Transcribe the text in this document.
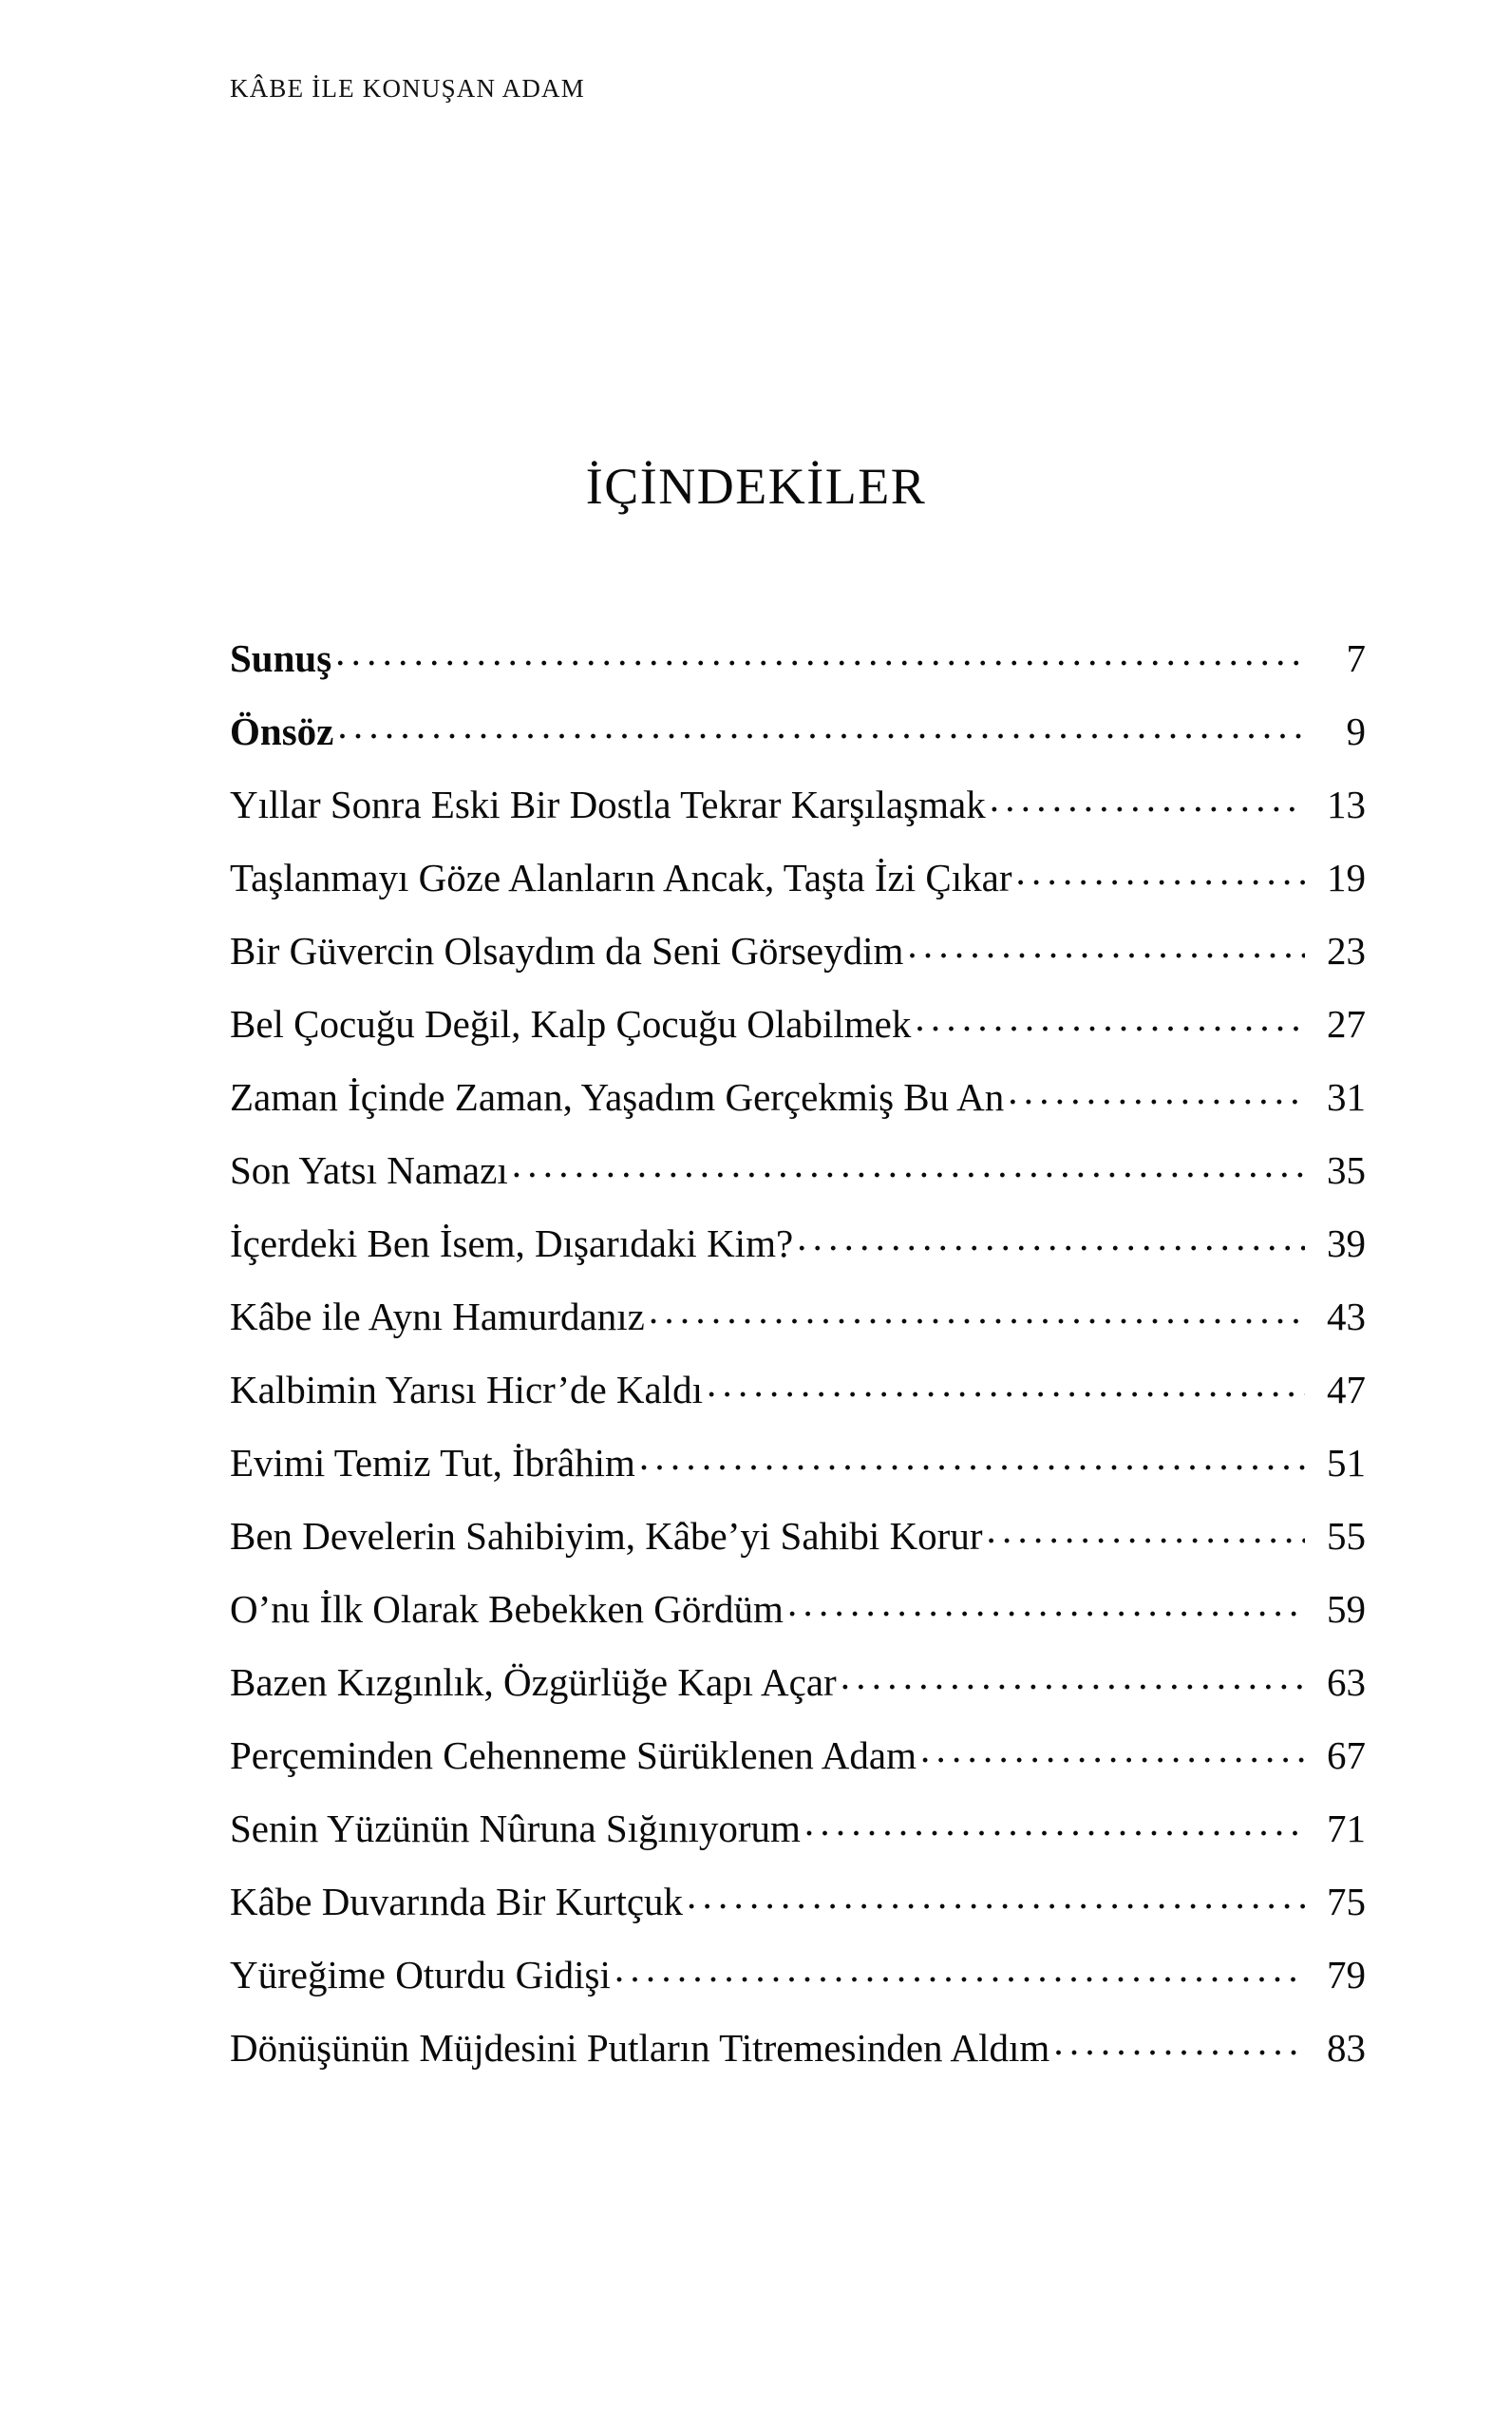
KÂBE İLE KONUŞAN ADAM
İÇİNDEKİLER
Sunuş . . .	7
Önsöz . . .	9
Yıllar Sonra Eski Bir Dostla Tekrar Karşılaşmak . . .	13
Taşlanmayı Göze Alanların Ancak, Taşta İzi Çıkar . . .	19
Bir Güvercin Olsaydım da Seni Görseydim . . .	23
Bel Çocuğu Değil, Kalp Çocuğu Olabilmek . . .	27
Zaman İçinde Zaman, Yaşadım Gerçekmiş Bu An . . .	31
Son Yatsı Namazı . . .	35
İçerdeki Ben İsem, Dışarıdaki Kim? . . .	39
Kâbe ile Aynı Hamurdanız . . .	43
Kalbimin Yarısı Hicr’de Kaldı . . .	47
Evimi Temiz Tut, İbrâhim . . .	51
Ben Develerin Sahibiyim, Kâbe’yi Sahibi Korur . . .	55
O’nu İlk Olarak Bebekken Gördüm . . .	59
Bazen Kızgınlık, Özgürlüğe Kapı Açar . . .	63
Perçeminden Cehenneme Sürüklenen Adam . . .	67
Senin Yüzünün Nûruna Sığınıyorum . . .	71
Kâbe Duvarında Bir Kurtçuk . . .	75
Yüreğime Oturdu Gidişi . . .	79
Dönüşünün Müjdesini Putların Titremesinden Aldım . . .	83
